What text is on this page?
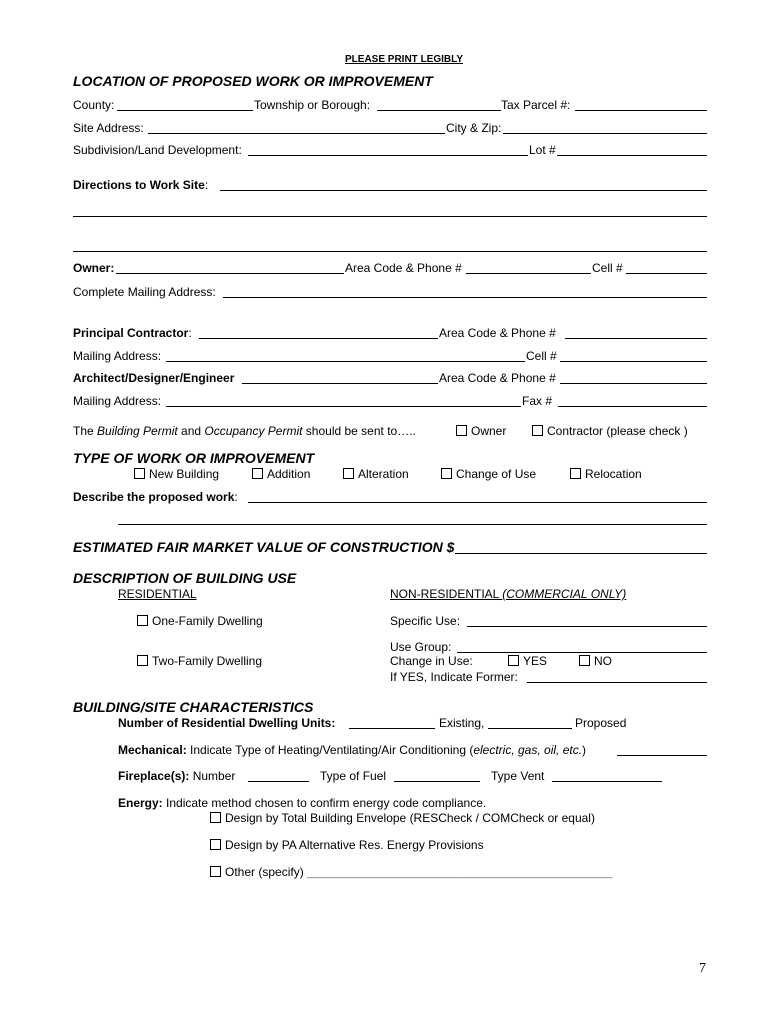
PLEASE PRINT LEGIBLY
LOCATION OF PROPOSED WORK OR IMPROVEMENT
County:	Township or Borough:	Tax Parcel #:
Site Address:	City & Zip:
Subdivision/Land Development:	Lot #
Directions to Work Site:
Owner:	Area Code & Phone #	Cell #
Complete Mailing Address:
Principal Contractor:	Area Code & Phone #
Mailing Address:	Cell #
Architect/Designer/Engineer	Area Code & Phone #
Mailing Address:	Fax #
The Building Permit and Occupancy Permit should be sent to…..	Owner	Contractor (please check )
TYPE OF WORK OR IMPROVEMENT
New Building	Addition	Alteration	Change of Use	Relocation
Describe the proposed work:
ESTIMATED FAIR MARKET VALUE OF CONSTRUCTION $
DESCRIPTION OF BUILDING USE
RESIDENTIAL	NON-RESIDENTIAL (COMMERCIAL ONLY)
One-Family Dwelling	Specific Use:
Use Group:
Two-Family Dwelling	Change in Use:	YES	NO
If YES, Indicate Former:
BUILDING/SITE CHARACTERISTICS
Number of Residential Dwelling Units:	Existing,	Proposed
Mechanical: Indicate Type of Heating/Ventilating/Air Conditioning (electric, gas, oil, etc.)
Fireplace(s): Number	Type of Fuel	Type Vent
Energy: Indicate method chosen to confirm energy code compliance.
Design by Total Building Envelope (RESCheck / COMCheck or equal)
Design by PA Alternative Res. Energy Provisions
Other (specify) _____________________________________________________________
7
